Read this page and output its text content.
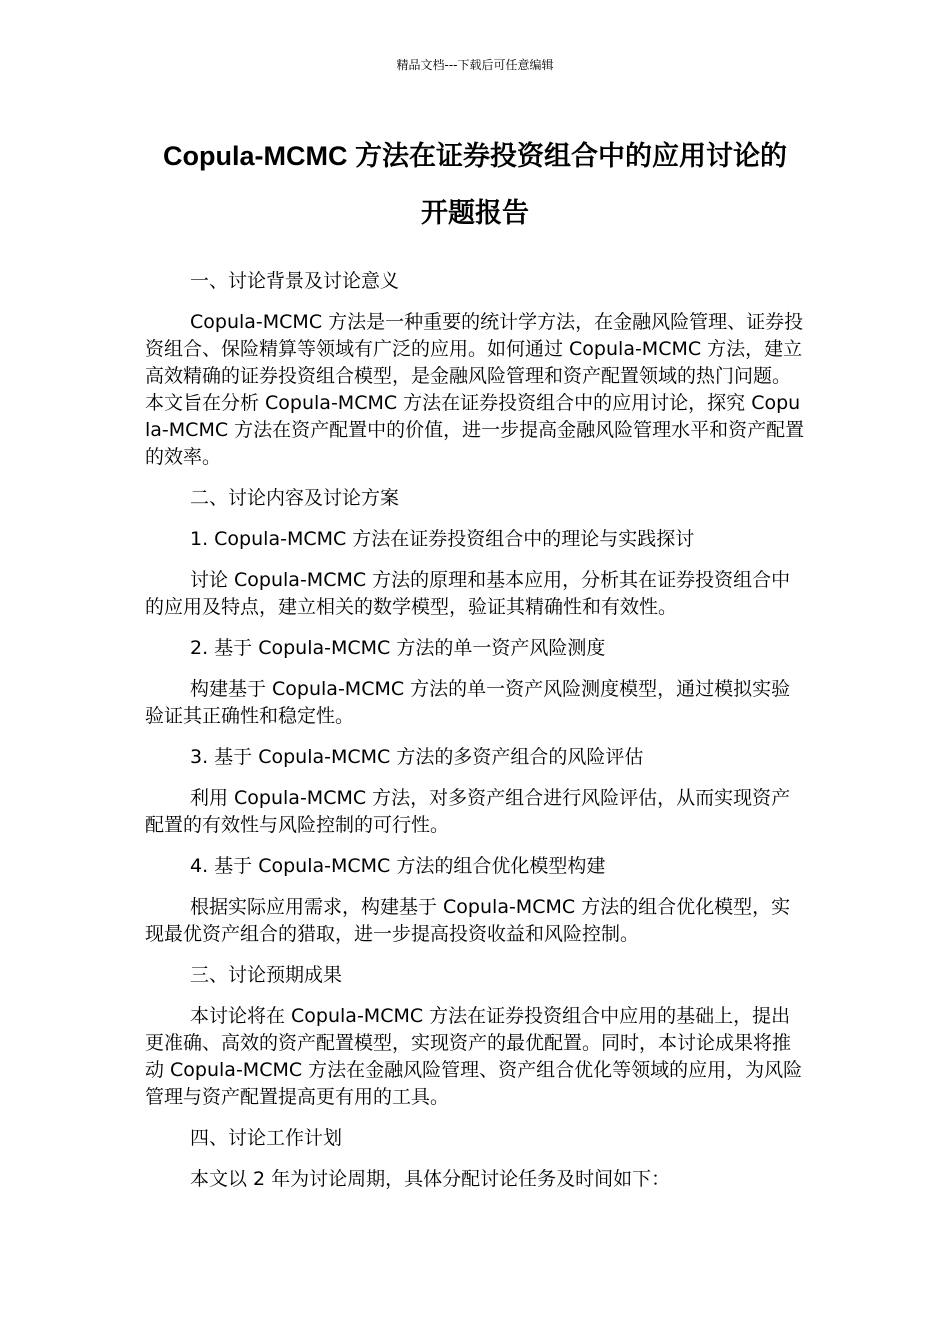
精品文档---下载后可任意编辑
Copula-MCMC 方法在证券投资组合中的应用讨论的
开题报告

一、讨论背景及讨论意义

Copula-MCMC 方法是一种重要的统计学方法，在金融风险管理、证券投资组合、保险精算等领域有广泛的应用。如何通过 Copula-MCMC 方法，建立高效精确的证券投资组合模型，是金融风险管理和资产配置领域的热门问题。本文旨在分析 Copula-MCMC 方法在证券投资组合中的应用讨论，探究 Copula-MCMC 方法在资产配置中的价值，进一步提高金融风险管理水平和资产配置的效率。

二、讨论内容及讨论方案

1. Copula-MCMC 方法在证券投资组合中的理论与实践探讨

讨论 Copula-MCMC 方法的原理和基本应用，分析其在证券投资组合中的应用及特点，建立相关的数学模型，验证其精确性和有效性。

2. 基于 Copula-MCMC 方法的单一资产风险测度

构建基于 Copula-MCMC 方法的单一资产风险测度模型，通过模拟实验验证其正确性和稳定性。

3. 基于 Copula-MCMC 方法的多资产组合的风险评估

利用 Copula-MCMC 方法，对多资产组合进行风险评估，从而实现资产配置的有效性与风险控制的可行性。

4. 基于 Copula-MCMC 方法的组合优化模型构建

根据实际应用需求，构建基于 Copula-MCMC 方法的组合优化模型，实现最优资产组合的猎取，进一步提高投资收益和风险控制。

三、讨论预期成果

本讨论将在 Copula-MCMC 方法在证券投资组合中应用的基础上，提出更准确、高效的资产配置模型，实现资产的最优配置。同时，本讨论成果将推动 Copula-MCMC 方法在金融风险管理、资产组合优化等领域的应用，为风险管理与资产配置提高更有用的工具。

四、讨论工作计划

本文以 2 年为讨论周期，具体分配讨论任务及时间如下：
